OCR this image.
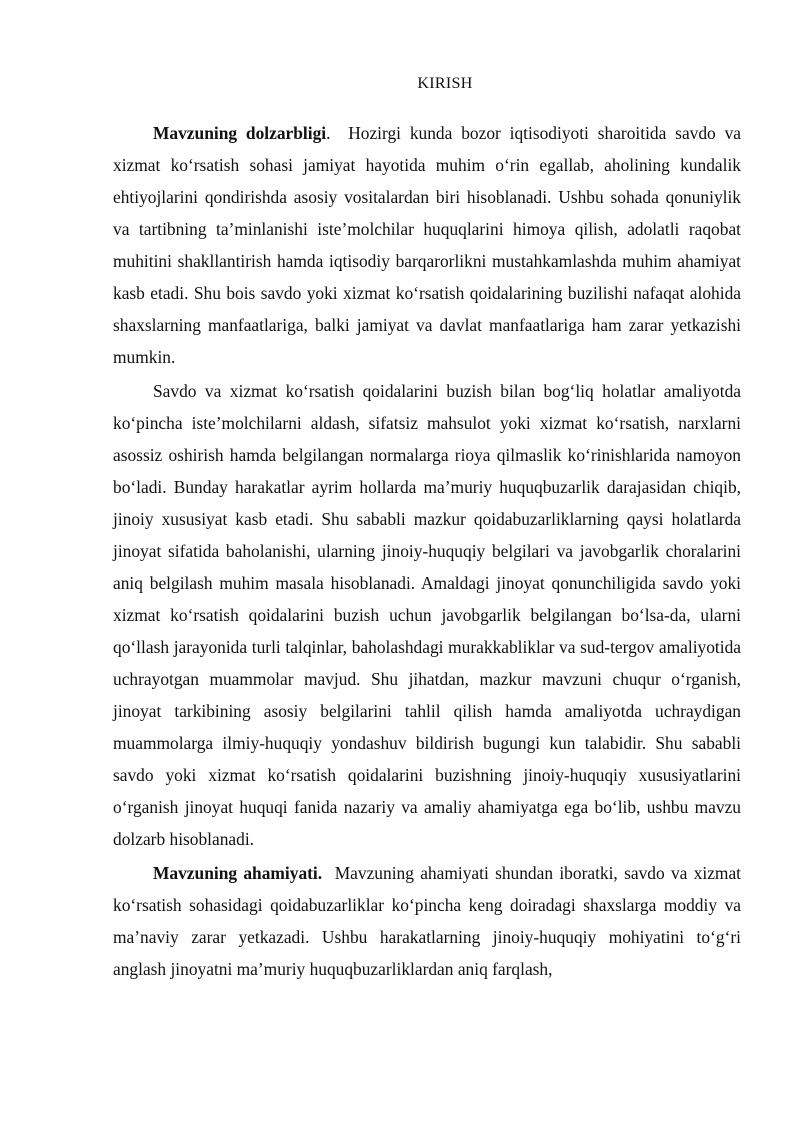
KIRISH

Mavzuning dolzarbligi.  Hozirgi kunda bozor iqtisodiyoti sharoitida savdo va xizmat koʻrsatish sohasi jamiyat hayotida muhim oʻrin egallab, aholining kundalik ehtiyojlarini qondirishda asosiy vositalardan biri hisoblanadi. Ushbu sohada qonuniylik va tartibning taʼminlanishi isteʼmolchilar huquqlarini himoya qilish, adolatli raqobat muhitini shakllantirish hamda iqtisodiy barqarorlikni mustahkamlashda muhim ahamiyat kasb etadi. Shu bois savdo yoki xizmat koʻrsatish qoidalarining buzilishi nafaqat alohida shaxslarning manfaatlariga, balki jamiyat va davlat manfaatlariga ham zarar yetkazishi mumkin.

Savdo va xizmat koʻrsatish qoidalarini buzish bilan bogʻliq holatlar amaliyotda koʻpincha isteʼmolchilarni aldash, sifatsiz mahsulot yoki xizmat koʻrsatish, narxlarni asossiz oshirish hamda belgilangan normalarga rioya qilmaslik koʻrinishlarida namoyon boʻladi. Bunday harakatlar ayrim hollarda maʼmuriy huquqbuzarlik darajasidan chiqib, jinoiy xususiyat kasb etadi. Shu sababli mazkur qoidabuzarliklarning qaysi holatlarda jinoyat sifatida baholanishi, ularning jinoiy-huquqiy belgilari va javobgarlik choralarini aniq belgilash muhim masala hisoblanadi. Amaldagi jinoyat qonunchiligida savdo yoki xizmat koʻrsatish qoidalarini buzish uchun javobgarlik belgilangan boʻlsa-da, ularni qoʻllash jarayonida turli talqinlar, baholashdagi murakkabliklar va sud-tergov amaliyotida uchrayotgan muammolar mavjud. Shu jihatdan, mazkur mavzuni chuqur oʻrganish, jinoyat tarkibining asosiy belgilarini tahlil qilish hamda amaliyotda uchraydigan muammolarga ilmiy-huquqiy yondashuv bildirish bugungi kun talabidir. Shu sababli savdo yoki xizmat koʻrsatish qoidalarini buzishning jinoiy-huquqiy xususiyatlarini oʻrganish jinoyat huquqi fanida nazariy va amaliy ahamiyatga ega boʻlib, ushbu mavzu dolzarb hisoblanadi.

Mavzuning ahamiyati.  Mavzuning ahamiyati shundan iboratki, savdo va xizmat koʻrsatish sohasidagi qoidabuzarliklar koʻpincha keng doiradagi shaxslarga moddiy va maʼnaviy zarar yetkazadi. Ushbu harakatlarning jinoiy-huquqiy mohiyatini toʻgʻri anglash jinoyatni maʼmuriy huquqbuzarliklardan aniq farqlash,
